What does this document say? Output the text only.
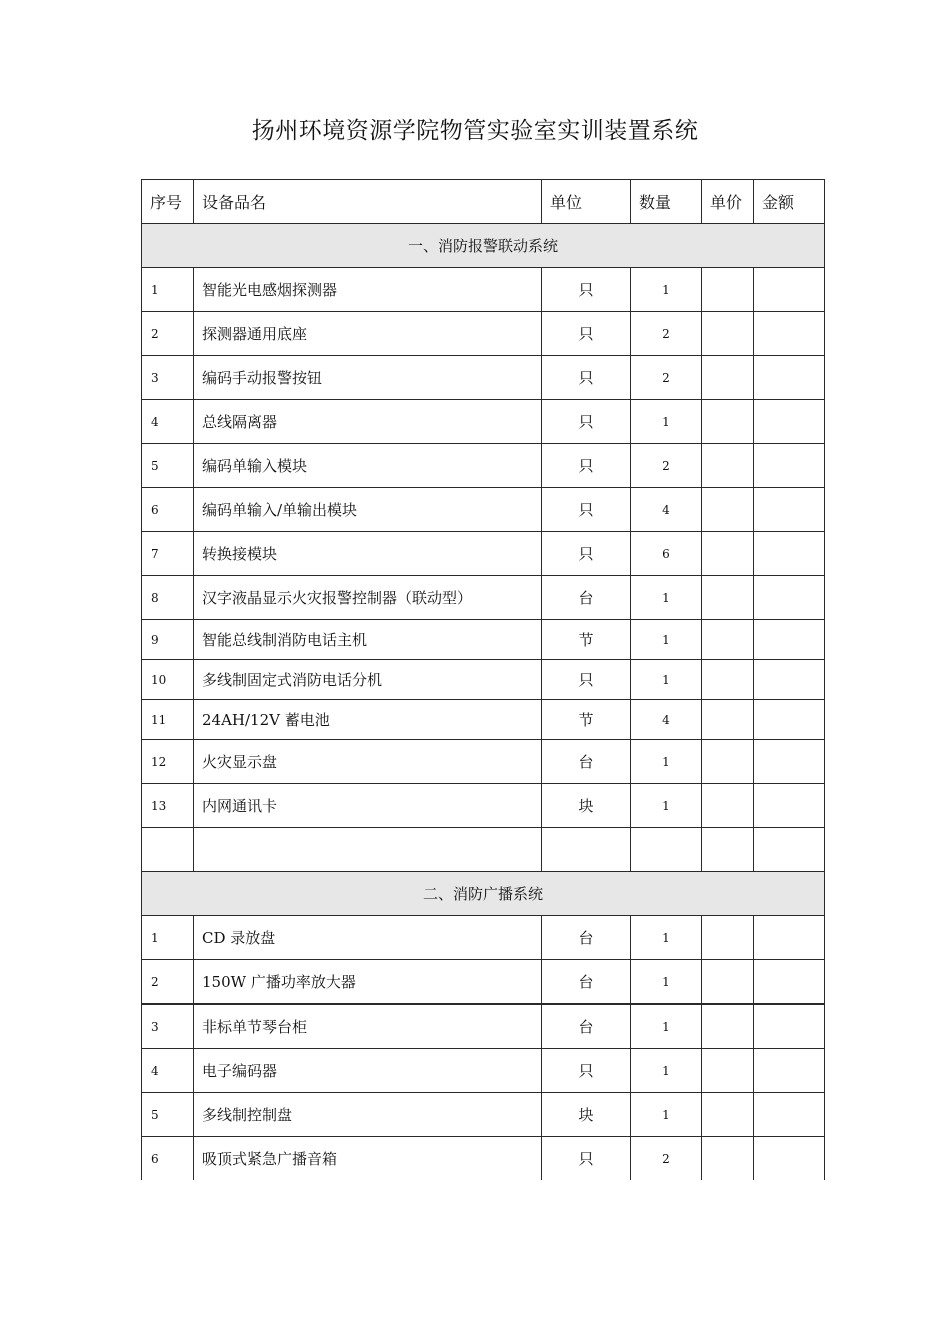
扬州环境资源学院物管实验室实训装置系统
序号	设备品名	单位	数量	单价	金额
一、消防报警联动系统					
1	智能光电感烟探测器	只	1		
2	探测器通用底座	只	2		
3	编码手动报警按钮	只	2		
4	总线隔离器	只	1		
5	编码单输入模块	只	2		
6	编码单输入/单输出模块	只	4		
7	转换接模块	只	6		
8	汉字液晶显示火灾报警控制器（联动型）	台	1		
9	智能总线制消防电话主机	节	1		
10	多线制固定式消防电话分机	只	1		
11	24AH/12V 蓄电池	节	4		
12	火灾显示盘	台	1		
13	内网通讯卡	块	1		

二、消防广播系统					
1	CD 录放盘	台	1		
2	150W 广播功率放大器	台	1		
3	非标单节琴台柜	台	1		
4	电子编码器	只	1		
5	多线制控制盘	块	1		
6	吸顶式紧急广播音箱	只	2		
